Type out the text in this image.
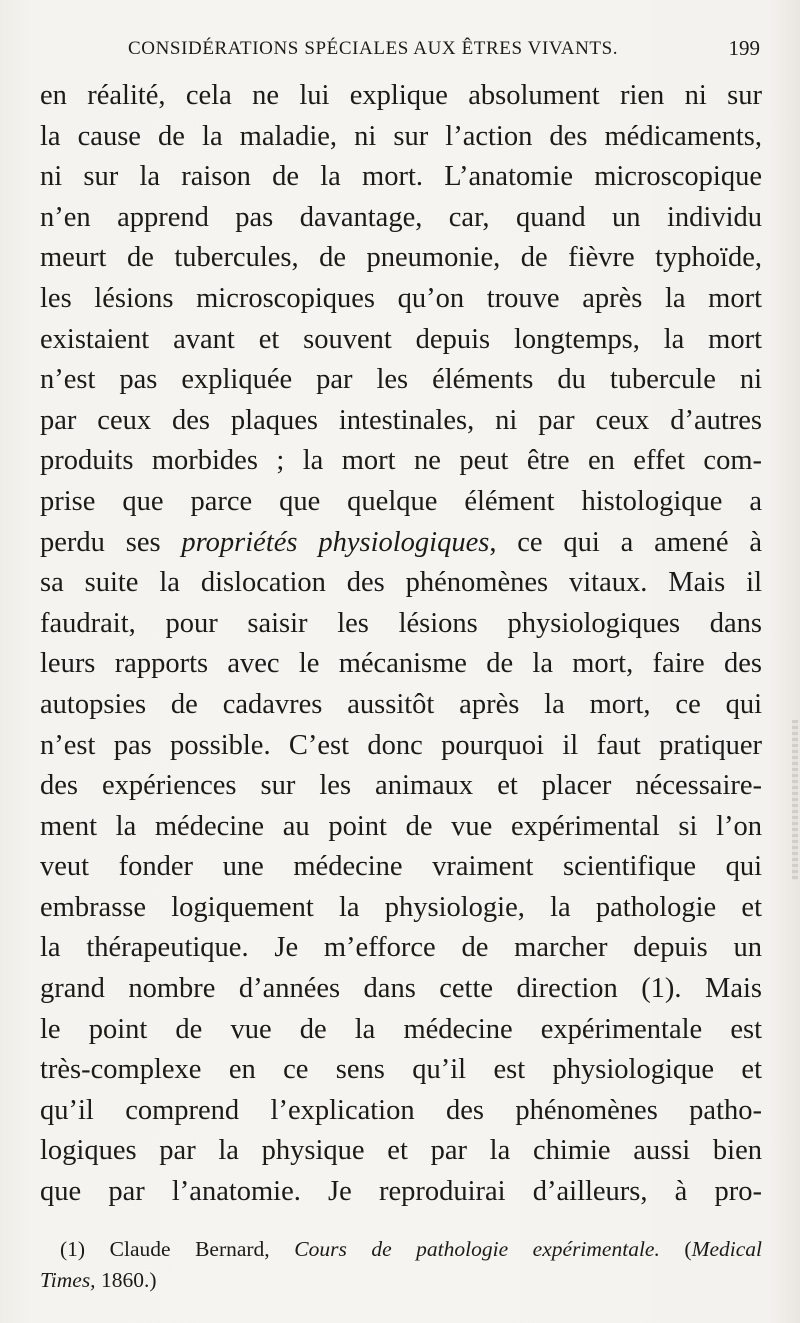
CONSIDÉRATIONS SPÉCIALES AUX ÊTRES VIVANTS.	199
en réalité, cela ne lui explique absolument rien ni sur
la cause de la maladie, ni sur l’action des médicaments,
ni sur la raison de la mort. L’anatomie microscopique
n’en apprend pas davantage, car, quand un individu
meurt de tubercules, de pneumonie, de fièvre typhoïde,
les lésions microscopiques qu’on trouve après la mort
existaient avant et souvent depuis longtemps, la mort
n’est pas expliquée par les éléments du tubercule ni
par ceux des plaques intestinales, ni par ceux d’autres
produits morbides ; la mort ne peut être en effet com-
prise que parce que quelque élément histologique a
perdu ses propriétés physiologiques, ce qui a amené à
sa suite la dislocation des phénomènes vitaux. Mais il
faudrait, pour saisir les lésions physiologiques dans
leurs rapports avec le mécanisme de la mort, faire des
autopsies de cadavres aussitôt après la mort, ce qui
n’est pas possible. C’est donc pourquoi il faut pratiquer
des expériences sur les animaux et placer nécessaire-
ment la médecine au point de vue expérimental si l’on
veut fonder une médecine vraiment scientifique qui
embrasse logiquement la physiologie, la pathologie et
la thérapeutique. Je m’efforce de marcher depuis un
grand nombre d’années dans cette direction (1). Mais
le point de vue de la médecine expérimentale est
très-complexe en ce sens qu’il est physiologique et
qu’il comprend l’explication des phénomènes patho-
logiques par la physique et par la chimie aussi bien
que par l’anatomie. Je reproduirai d’ailleurs, à pro-
(1) Claude Bernard, Cours de pathologie expérimentale. (Medical
Times, 1860.)
